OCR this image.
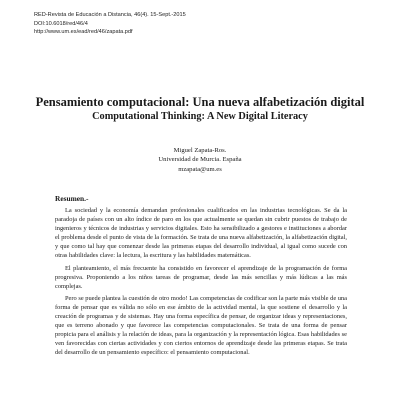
RED-Revista de Educación a Distancia, 46(4). 15-Sept.-2015
DOI:10.6018/red/46/4
http://www.um.es/ead/red/46/zapata.pdf
Pensamiento computacional: Una nueva alfabetización digital
Computational Thinking: A New Digital Literacy
Miguel Zapata-Ros.
Universidad de Murcia. España
mzapata@um.es
Resumen.-

La sociedad y la economía demandan profesionales cualificados en las industrias tecnológicas. Se da la paradoja de países con un alto índice de paro en los que actualmente se quedan sin cubrir puestos de trabajo de ingenieros y técnicos de industrias y servicios digitales. Esto ha sensibilizado a gestores e instituciones a abordar el problema desde el punto de vista de la formación. Se trata de una nueva alfabetización, la alfabetización digital, y que como tal hay que comenzar desde las primeras etapas del desarrollo individual, al igual como sucede con otras habilidades clave: la lectura, la escritura y las habilidades matemáticas.

El planteamiento, el más frecuente ha consistido en favorecer el aprendizaje de la programación de forma progresiva. Proponiendo a los niños tareas de programar, desde las más sencillas y más lúdicas a las más complejas.

Pero se puede plantea la cuestión de otro modo! Las competencias de codificar son la parte más visible de una forma de pensar que es válida no sólo en ese ámbito de la actividad mental, la que sostiene el desarrollo y la creación de programas y de sistemas. Hay una forma específica de pensar, de organizar ideas y representaciones, que es terreno abonado y que favorece las competencias computacionales. Se trata de una forma de pensar propicia para el análisis y la relación de ideas, para la organización y la representación lógica. Esas habilidades se ven favorecidas con ciertas actividades y con ciertos entornos de aprendizaje desde las primeras etapas. Se trata del desarrollo de un pensamiento específico: el pensamiento computacional.
